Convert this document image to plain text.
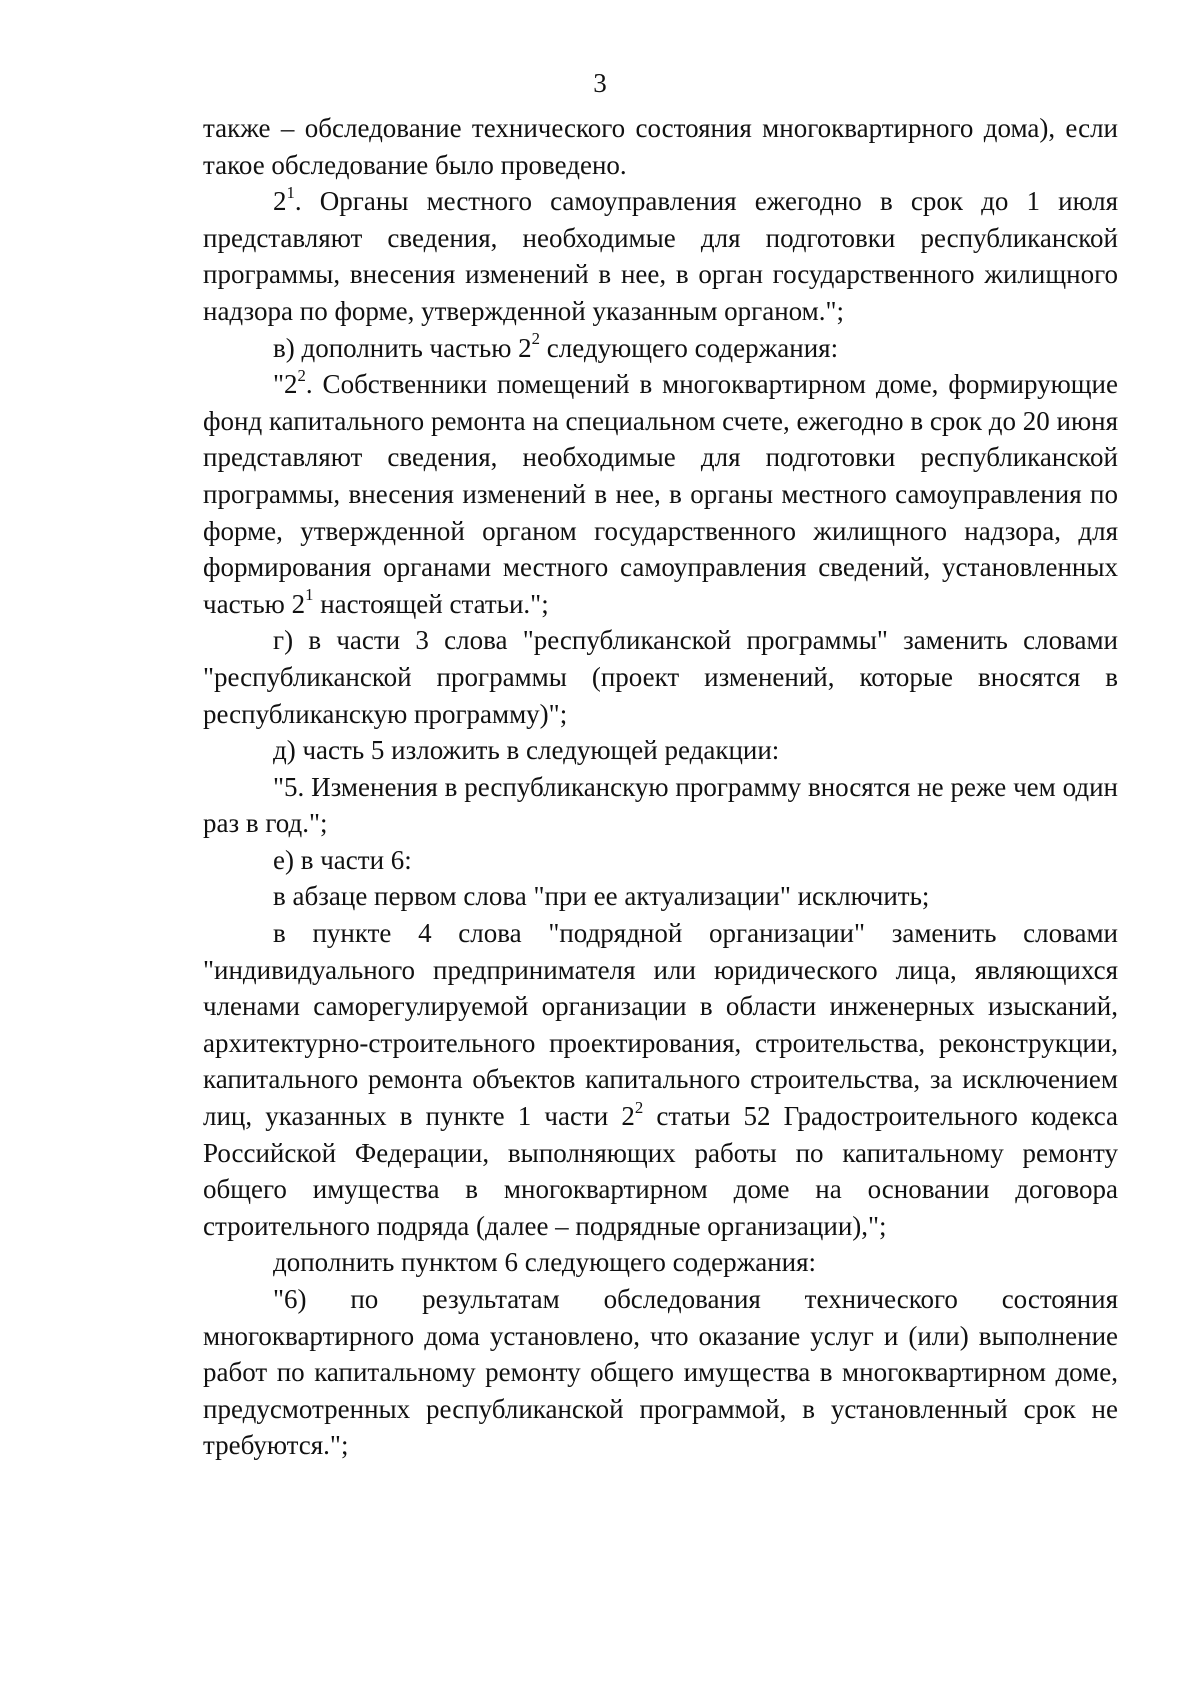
3

также – обследование технического состояния многоквартирного дома), если такое обследование было проведено.

$2^1$. Органы местного самоуправления ежегодно в срок до 1 июля представляют сведения, необходимые для подготовки республиканской программы, внесения изменений в нее, в орган государственного жилищного надзора по форме, утвержденной указанным органом.";

в) дополнить частью $2^2$ следующего содержания:

"$2^2$. Собственники помещений в многоквартирном доме, формирующие фонд капитального ремонта на специальном счете, ежегодно в срок до 20 июня представляют сведения, необходимые для подготовки республиканской программы, внесения изменений в нее, в органы местного самоуправления по форме, утвержденной органом государственного жилищного надзора, для формирования органами местного самоуправления сведений, установленных частью $2^1$ настоящей статьи.";

г) в части 3 слова "республиканской программы" заменить словами "республиканской программы (проект изменений, которые вносятся в республиканскую программу)";

д) часть 5 изложить в следующей редакции:

"5. Изменения в республиканскую программу вносятся не реже чем один раз в год.";

е) в части 6:

в абзаце первом слова "при ее актуализации" исключить;

в пункте 4 слова "подрядной организации" заменить словами "индивидуального предпринимателя или юридического лица, являющихся членами саморегулируемой организации в области инженерных изысканий, архитектурно-строительного проектирования, строительства, реконструкции, капитального ремонта объектов капитального строительства, за исключением лиц, указанных в пункте 1 части $2^2$ статьи 52 Градостроительного кодекса Российской Федерации, выполняющих работы по капитальному ремонту общего имущества в многоквартирном доме на основании договора строительного подряда (далее – подрядные организации),";

дополнить пунктом 6 следующего содержания:

"6) по результатам обследования технического состояния многоквартирного дома установлено, что оказание услуг и (или) выполнение работ по капитальному ремонту общего имущества в многоквартирном доме, предусмотренных республиканской программой, в установленный срок не требуются.";
